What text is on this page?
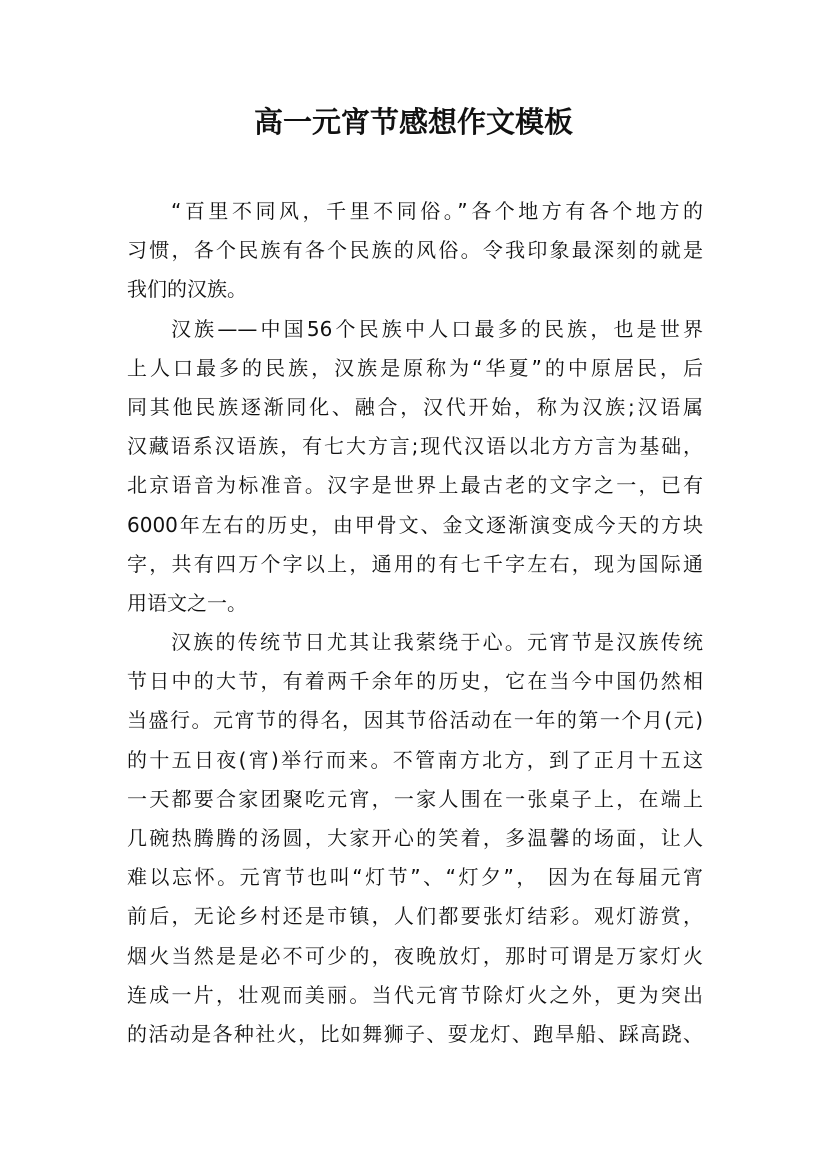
高一元宵节感想作文模板
“百里不同风，千里不同俗。”各个地方有各个地方的
习惯，各个民族有各个民族的风俗。令我印象最深刻的就是
我们的汉族。
汉族——中国56个民族中人口最多的民族，也是世界
上人口最多的民族，汉族是原称为“华夏”的中原居民，后
同其他民族逐渐同化、融合，汉代开始，称为汉族;汉语属
汉藏语系汉语族，有七大方言;现代汉语以北方方言为基础，
北京语音为标准音。汉字是世界上最古老的文字之一，已有
6000年左右的历史，由甲骨文、金文逐渐演变成今天的方块
字，共有四万个字以上，通用的有七千字左右，现为国际通
用语文之一。
汉族的传统节日尤其让我萦绕于心。元宵节是汉族传统
节日中的大节，有着两千余年的历史，它在当今中国仍然相
当盛行。元宵节的得名，因其节俗活动在一年的第一个月(元)
的十五日夜(宵)举行而来。不管南方北方，到了正月十五这
一天都要合家团聚吃元宵，一家人围在一张桌子上，在端上
几碗热腾腾的汤圆，大家开心的笑着，多温馨的场面，让人
难以忘怀。元宵节也叫“灯节”、“灯夕”， 因为在每届元宵
前后，无论乡村还是市镇，人们都要张灯结彩。观灯游赏，
烟火当然是是必不可少的，夜晚放灯，那时可谓是万家灯火
连成一片，壮观而美丽。当代元宵节除灯火之外，更为突出
的活动是各种社火，比如舞狮子、耍龙灯、跑旱船、踩高跷、
